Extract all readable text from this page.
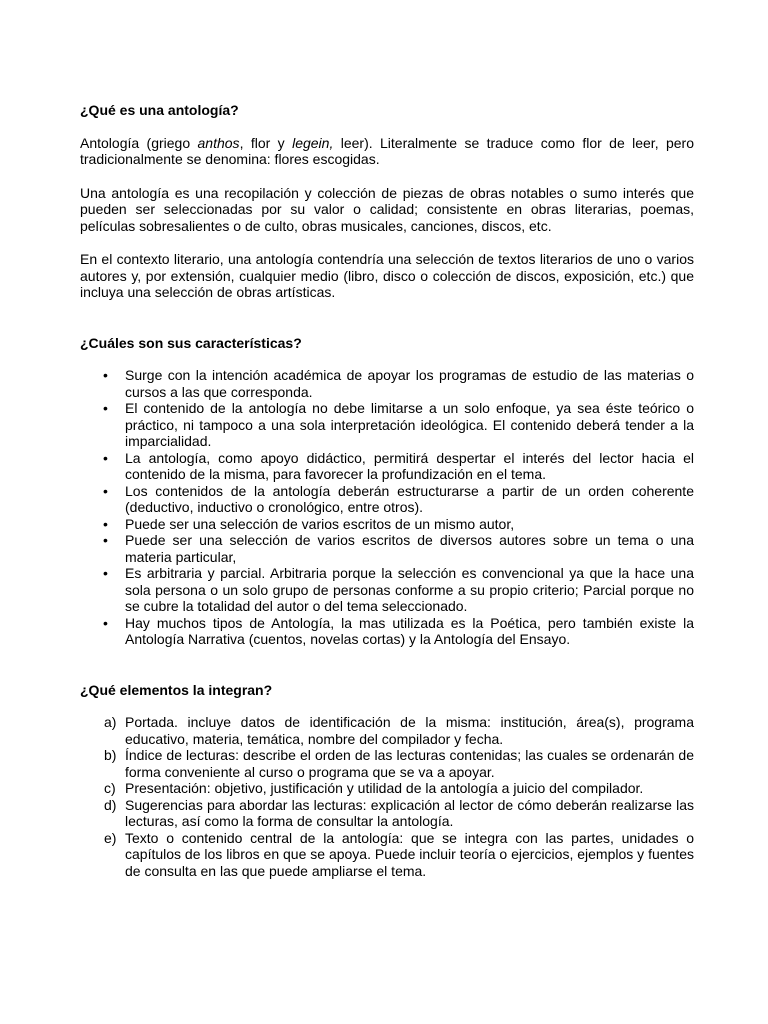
¿Qué es una antología?

Antología (griego anthos, flor y legein, leer). Literalmente se traduce como flor de leer, pero tradicionalmente se denomina: flores escogidas.

Una antología es una recopilación y colección de piezas de obras notables o sumo interés que pueden ser seleccionadas por su valor o calidad; consistente en obras literarias, poemas, películas sobresalientes o de culto, obras musicales, canciones, discos, etc.

En el contexto literario, una antología contendría una selección de textos literarios de uno o varios autores y, por extensión, cualquier medio (libro, disco o colección de discos, exposición, etc.) que incluya una selección de obras artísticas.

¿Cuáles son sus características?
• Surge con la intención académica de apoyar los programas de estudio de las materias o cursos a las que corresponda.
• El contenido de la antología no debe limitarse a un solo enfoque, ya sea éste teórico o práctico, ni tampoco a una sola interpretación ideológica. El contenido deberá tender a la imparcialidad.
• La antología, como apoyo didáctico, permitirá despertar el interés del lector hacia el contenido de la misma, para favorecer la profundización en el tema.
• Los contenidos de la antología deberán estructurarse a partir de un orden coherente (deductivo, inductivo o cronológico, entre otros).
• Puede ser una selección de varios escritos de un mismo autor,
• Puede ser una selección de varios escritos de diversos autores sobre un tema o una materia particular,
• Es arbitraria y parcial. Arbitraria porque la selección es convencional ya que la hace una sola persona o un solo grupo de personas conforme a su propio criterio; Parcial porque no se cubre la totalidad del autor o del tema seleccionado.
• Hay muchos tipos de Antología, la mas utilizada es la Poética, pero también existe la Antología Narrativa (cuentos, novelas cortas) y la Antología del Ensayo.
¿Qué elementos la integran?
a) Portada. incluye datos de identificación de la misma: institución, área(s), programa educativo, materia, temática, nombre del compilador y fecha.
b) Índice de lecturas: describe el orden de las lecturas contenidas; las cuales se ordenarán de forma conveniente al curso o programa que se va a apoyar.
c) Presentación: objetivo, justificación y utilidad de la antología a juicio del compilador.
d) Sugerencias para abordar las lecturas: explicación al lector de cómo deberán realizarse las lecturas, así como la forma de consultar la antología.
e) Texto o contenido central de la antología: que se integra con las partes, unidades o capítulos de los libros en que se apoya. Puede incluir teoría o ejercicios, ejemplos y fuentes de consulta en las que puede ampliarse el tema.
